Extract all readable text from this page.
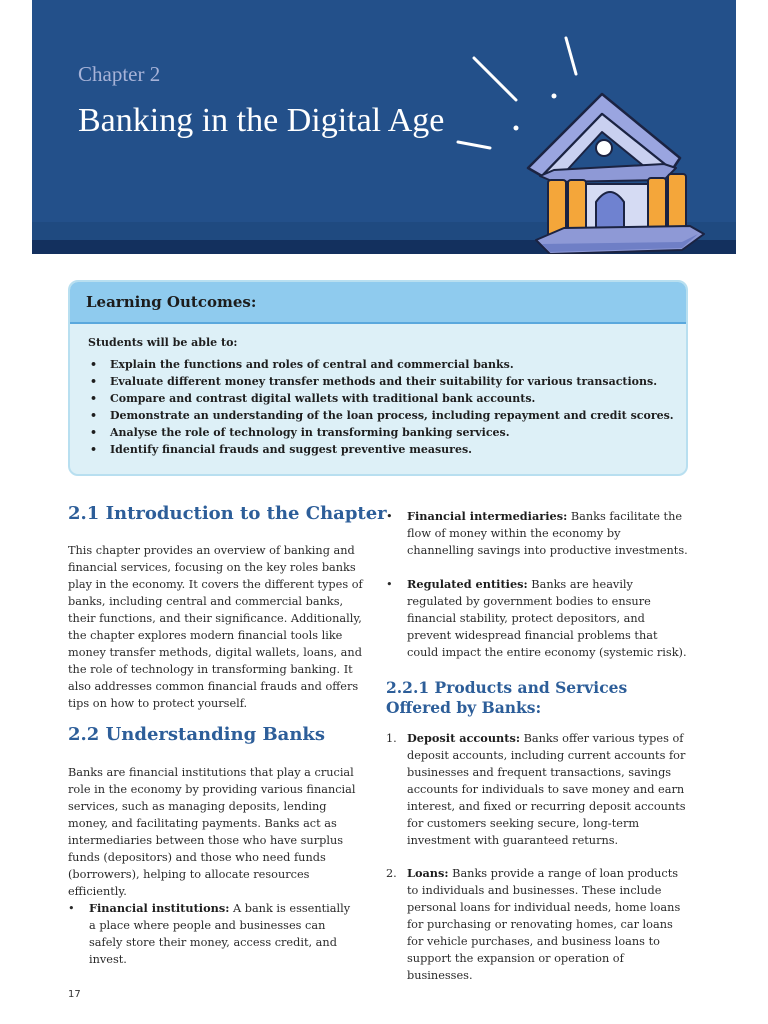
Chapter 2
Banking in the Digital Age
Learning Outcomes:
Students will be able to:
• Explain the functions and roles of central and commercial banks.
• Evaluate different money transfer methods and their suitability for various transactions.
• Compare and contrast digital wallets with traditional bank accounts.
• Demonstrate an understanding of the loan process, including repayment and credit scores.
• Analyse the role of technology in transforming banking services.
• Identify financial frauds and suggest preventive measures.
2.1 Introduction to the Chapter
This chapter provides an overview of banking and financial services, focusing on the key roles banks play in the economy. It covers the different types of banks, including central and commercial banks, their functions, and their significance. Additionally, the chapter explores modern financial tools like money transfer methods, digital wallets, loans, and the role of technology in transforming banking. It also addresses common financial frauds and offers tips on how to protect yourself.
2.2 Understanding Banks
Banks are financial institutions that play a crucial role in the economy by providing various financial services, such as managing deposits, lending money, and facilitating payments. Banks act as intermediaries between those who have surplus funds (depositors) and those who need funds (borrowers), helping to allocate resources efficiently.
• Financial institutions: A bank is essentially a place where people and businesses can safely store their money, access credit, and invest.
• Financial intermediaries: Banks facilitate the flow of money within the economy by channelling savings into productive investments.
• Regulated entities: Banks are heavily regulated by government bodies to ensure financial stability, protect depositors, and prevent widespread financial problems that could impact the entire economy (systemic risk).
2.2.1 Products and Services Offered by Banks:
1. Deposit accounts: Banks offer various types of deposit accounts, including current accounts for businesses and frequent transactions, savings accounts for individuals to save money and earn interest, and fixed or recurring deposit accounts for customers seeking secure, long-term investment with guaranteed returns.
2. Loans: Banks provide a range of loan products to individuals and businesses. These include personal loans for individual needs, home loans for purchasing or renovating homes, car loans for vehicle purchases, and business loans to support the expansion or operation of businesses.
17
